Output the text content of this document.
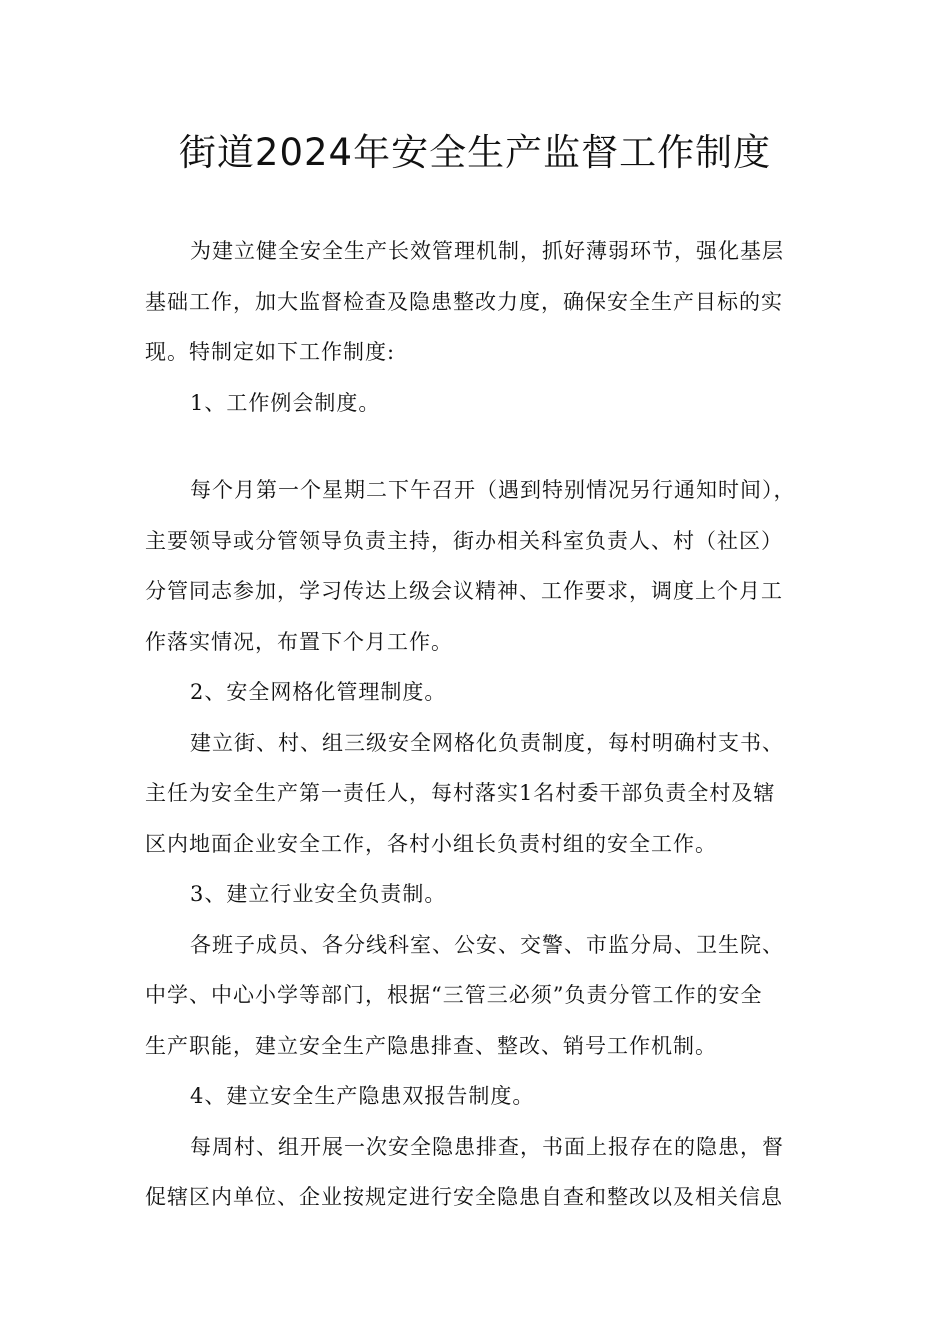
街道2024年安全生产监督工作制度
为建立健全安全生产长效管理机制，抓好薄弱环节，强化基层
基础工作，加大监督检查及隐患整改力度，确保安全生产目标的实
现。特制定如下工作制度:
1、工作例会制度。
每个月第一个星期二下午召开（遇到特别情况另行通知时间），
主要领导或分管领导负责主持，街办相关科室负责人、村（社区）
分管同志参加，学习传达上级会议精神、工作要求，调度上个月工
作落实情况，布置下个月工作。
2、安全网格化管理制度。
建立街、村、组三级安全网格化负责制度，每村明确村支书、
主任为安全生产第一责任人，每村落实1名村委干部负责全村及辖
区内地面企业安全工作，各村小组长负责村组的安全工作。
3、建立行业安全负责制。
各班子成员、各分线科室、公安、交警、市监分局、卫生院、
中学、中心小学等部门，根据“三管三必须”负责分管工作的安全
生产职能，建立安全生产隐患排查、整改、销号工作机制。
4、建立安全生产隐患双报告制度。
每周村、组开展一次安全隐患排查，书面上报存在的隐患，督
促辖区内单位、企业按规定进行安全隐患自查和整改以及相关信息
